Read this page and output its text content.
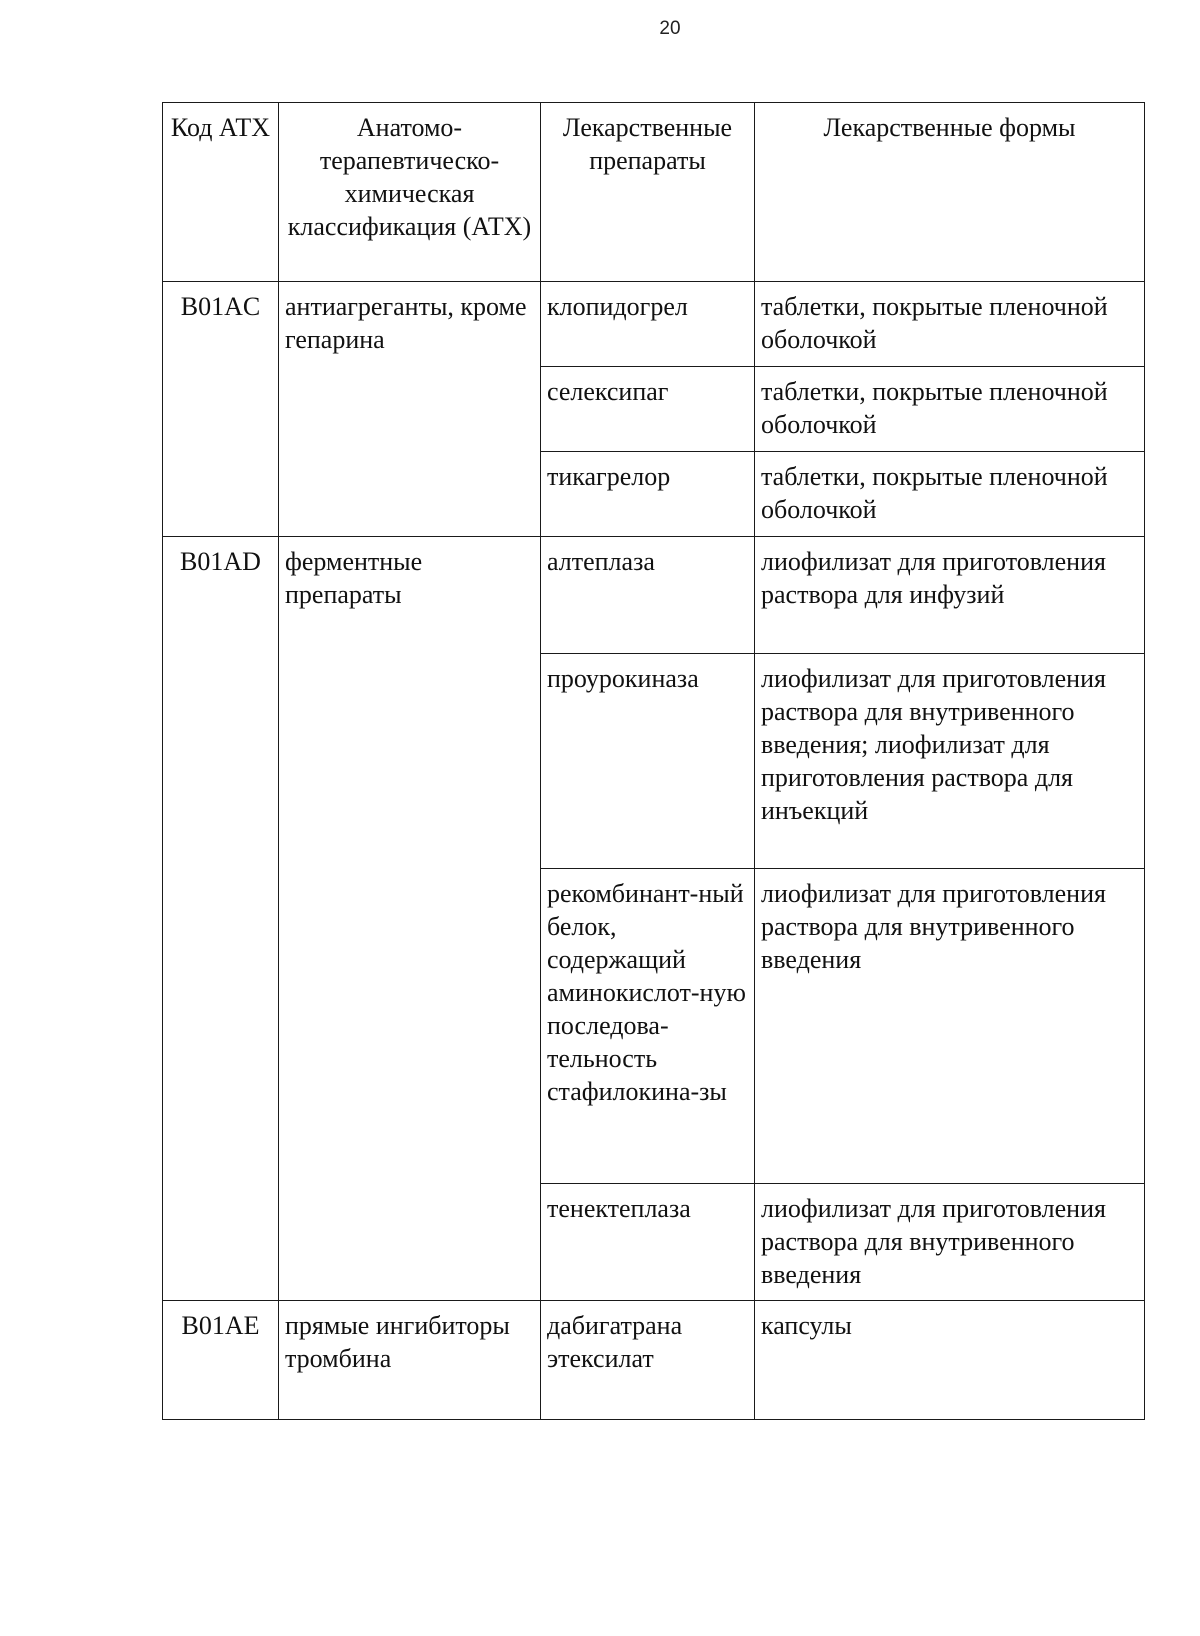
20
Код АТХ	Анатомо-терапевтическо-химическая классификация (АТХ)	Лекарственные препараты	Лекарственные формы
B01AC	антиагреганты, кроме гепарина	клопидогрел	таблетки, покрытые пленочной оболочкой
		селексипаг	таблетки, покрытые пленочной оболочкой
		тикагрелор	таблетки, покрытые пленочной оболочкой
B01AD	ферментные препараты	алтеплаза	лиофилизат для приготовления раствора для инфузий
		проурокиназа	лиофилизат для приготовления раствора для внутривенного введения; лиофилизат для приготовления раствора для инъекций
		рекомбинант-ный белок, содержащий аминокислот-ную последова-тельность стафилокина-зы	лиофилизат для приготовления раствора для внутривенного введения
		тенектеплаза	лиофилизат для приготовления раствора для внутривенного введения
B01AE	прямые ингибиторы тромбина	дабигатрана этексилат	капсулы
